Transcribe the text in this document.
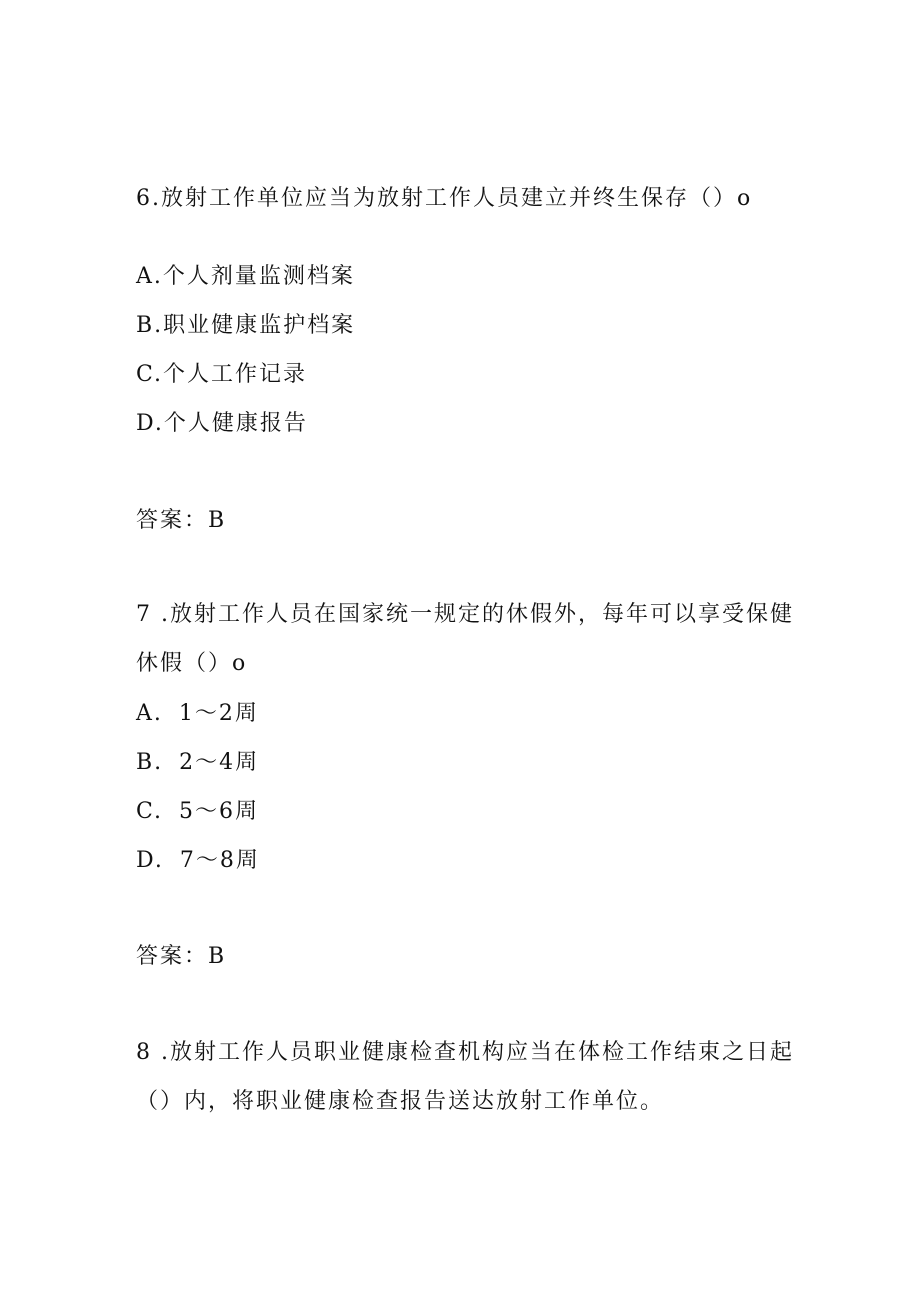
6.放射工作单位应当为放射工作人员建立并终生保存（）o
A.个人剂量监测档案
B.职业健康监护档案
C.个人工作记录
D.个人健康报告
答案：B
7 .放射工作人员在国家统一规定的休假外，每年可以享受保健
休假（）o
A. 1〜2周
B. 2〜4周
C. 5〜6周
D. 7〜8周
答案：B
8 .放射工作人员职业健康检查机构应当在体检工作结束之日起
（）内，将职业健康检查报告送达放射工作单位。
